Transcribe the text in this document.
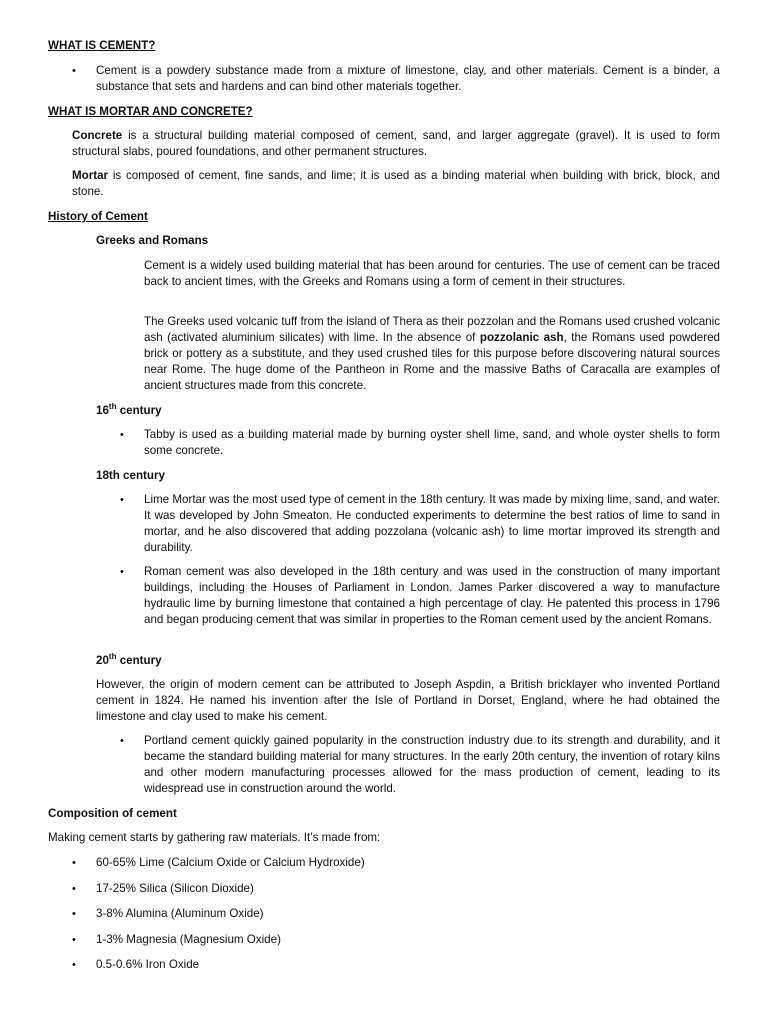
WHAT IS CEMENT?
• Cement is a powdery substance made from a mixture of limestone, clay, and other materials. Cement is a binder, a substance that sets and hardens and can bind other materials together.
WHAT IS MORTAR AND CONCRETE?
Concrete is a structural building material composed of cement, sand, and larger aggregate (gravel). It is used to form structural slabs, poured foundations, and other permanent structures.
Mortar is composed of cement, fine sands, and lime; it is used as a binding material when building with brick, block, and stone.
History of Cement
Greeks and Romans
Cement is a widely used building material that has been around for centuries. The use of cement can be traced back to ancient times, with the Greeks and Romans using a form of cement in their structures.
The Greeks used volcanic tuff from the island of Thera as their pozzolan and the Romans used crushed volcanic ash (activated aluminium silicates) with lime. In the absence of pozzolanic ash, the Romans used powdered brick or pottery as a substitute, and they used crushed tiles for this purpose before discovering natural sources near Rome. The huge dome of the Pantheon in Rome and the massive Baths of Caracalla are examples of ancient structures made from this concrete.
16th century
• Tabby is used as a building material made by burning oyster shell lime, sand, and whole oyster shells to form some concrete.
18th century
• Lime Mortar was the most used type of cement in the 18th century. It was made by mixing lime, sand, and water. It was developed by John Smeaton. He conducted experiments to determine the best ratios of lime to sand in mortar, and he also discovered that adding pozzolana (volcanic ash) to lime mortar improved its strength and durability.
• Roman cement was also developed in the 18th century and was used in the construction of many important buildings, including the Houses of Parliament in London. James Parker discovered a way to manufacture hydraulic lime by burning limestone that contained a high percentage of clay. He patented this process in 1796 and began producing cement that was similar in properties to the Roman cement used by the ancient Romans.
20th century
However, the origin of modern cement can be attributed to Joseph Aspdin, a British bricklayer who invented Portland cement in 1824. He named his invention after the Isle of Portland in Dorset, England, where he had obtained the limestone and clay used to make his cement.
• Portland cement quickly gained popularity in the construction industry due to its strength and durability, and it became the standard building material for many structures. In the early 20th century, the invention of rotary kilns and other modern manufacturing processes allowed for the mass production of cement, leading to its widespread use in construction around the world.
Composition of cement
Making cement starts by gathering raw materials. It’s made from:
• 60-65% Lime (Calcium Oxide or Calcium Hydroxide)
• 17-25% Silica (Silicon Dioxide)
• 3-8% Alumina (Aluminum Oxide)
• 1-3% Magnesia (Magnesium Oxide)
• 0.5-0.6% Iron Oxide
